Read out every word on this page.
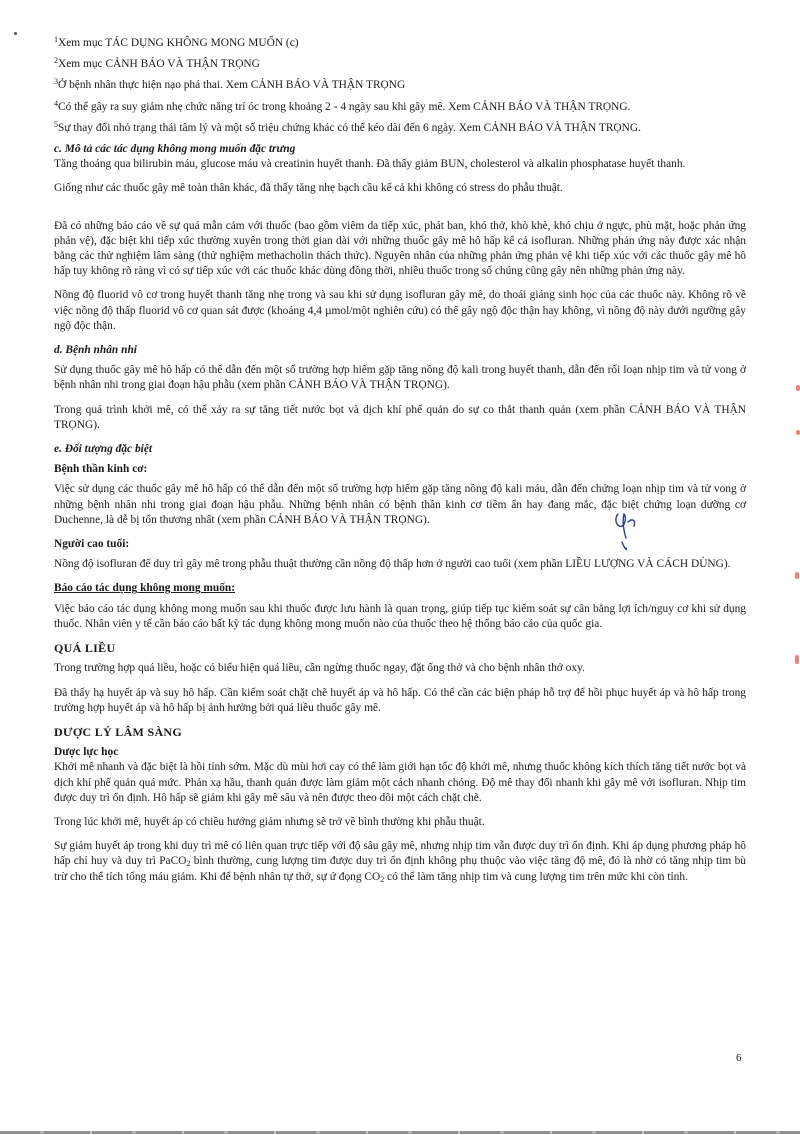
$^1$Xem mục TÁC DỤNG KHÔNG MONG MUỐN (c)

$^2$Xem mục CẢNH BÁO VÀ THẬN TRỌNG

$^3$Ở bệnh nhân thực hiện nạo phá thai. Xem CẢNH BÁO VÀ THẬN TRỌNG

$^4$Có thể gây ra suy giảm nhẹ chức năng trí óc trong khoảng 2 - 4 ngày sau khi gây mê. Xem CẢNH BÁO VÀ THẬN TRỌNG.

$^5$Sự thay đổi nhỏ trạng thái tâm lý và một số triệu chứng khác có thể kéo dài đến 6 ngày. Xem CẢNH BÁO VÀ THẬN TRỌNG.

c. Mô tả các tác dụng không mong muốn đặc trưng

Tăng thoáng qua bilirubin máu, glucose máu và creatinin huyết thanh. Đã thấy giảm BUN, cholesterol và alkalin phosphatase huyết thanh.

Giống như các thuốc gây mê toàn thân khác, đã thấy tăng nhẹ bạch cầu kể cả khi không có stress do phẫu thuật.

Đã có những báo cáo về sự quá mẫn cảm với thuốc (bao gồm viêm da tiếp xúc, phát ban, khó thở, khò khè, khó chịu ở ngực, phù mặt, hoặc phản ứng phản vệ), đặc biệt khi tiếp xúc thường xuyên trong thời gian dài với những thuốc gây mê hô hấp kể cả isofluran. Những phản ứng này được xác nhận bằng các thử nghiệm lâm sàng (thử nghiệm methacholin thách thức). Nguyên nhân của những phản ứng phản vệ khi tiếp xúc với các thuốc gây mê hô hấp tuy không rõ ràng vì có sự tiếp xúc với các thuốc khác dùng đồng thời, nhiều thuốc trong số chúng cũng gây nên những phản ứng này.

Nồng độ fluorid vô cơ trong huyết thanh tăng nhẹ trong và sau khi sử dụng isofluran gây mê, do thoái giáng sinh học của các thuốc này. Không rõ về việc nồng độ thấp fluorid vô cơ quan sát được (khoảng 4,4 µmol/một nghiên cứu) có thể gây ngộ độc thận hay không, vì nồng độ này dưới ngưỡng gây ngộ độc thận.

d. Bệnh nhân nhi

Sử dụng thuốc gây mê hô hấp có thể dẫn đến một số trường hợp hiếm gặp tăng nồng độ kali trong huyết thanh, dẫn đến rối loạn nhịp tim và tử vong ở bệnh nhân nhi trong giai đoạn hậu phẫu (xem phần CẢNH BÁO VÀ THẬN TRỌNG).

Trong quá trình khởi mê, có thể xảy ra sự tăng tiết nước bọt và dịch khí phế quản do sự co thắt thanh quản (xem phần CẢNH BÁO VÀ THẬN TRỌNG).

e. Đối tượng đặc biệt

Bệnh thần kinh cơ:

Việc sử dụng các thuốc gây mê hô hấp có thể dẫn đến một số trường hợp hiếm gặp tăng nồng độ kali máu, dẫn đến chứng loạn nhịp tim và tử vong ở những bệnh nhân nhi trong giai đoạn hậu phẫu. Những bệnh nhân có bệnh thần kinh cơ tiềm ẩn hay đang mắc, đặc biệt chứng loạn dưỡng cơ Duchenne, là dễ bị tổn thương nhất (xem phần CẢNH BÁO VÀ THẬN TRỌNG).

Người cao tuổi:

Nồng độ isofluran để duy trì gây mê trong phẫu thuật thường cần nồng độ thấp hơn ở người cao tuổi (xem phần LIỀU LƯỢNG VÀ CÁCH DÙNG).

Báo cáo tác dụng không mong muốn:

Việc báo cáo tác dụng không mong muốn sau khi thuốc được lưu hành là quan trọng, giúp tiếp tục kiểm soát sự cân bằng lợi ích/nguy cơ khi sử dụng thuốc. Nhân viên y tế cần báo cáo bất kỳ tác dụng không mong muốn nào của thuốc theo hệ thống báo cáo của quốc gia.

QUÁ LIỀU

Trong trường hợp quá liều, hoặc có biểu hiện quá liều, cần ngừng thuốc ngay, đặt ống thở và cho bệnh nhân thở oxy.

Đã thấy hạ huyết áp và suy hô hấp. Cần kiểm soát chặt chẽ huyết áp và hô hấp. Có thể cần các biện pháp hỗ trợ để hồi phục huyết áp và hô hấp trong trường hợp huyết áp và hô hấp bị ảnh hưởng bởi quá liều thuốc gây mê.

DƯỢC LÝ LÂM SÀNG

Dược lực học

Khởi mê nhanh và đặc biệt là hồi tỉnh sớm. Mặc dù mùi hơi cay có thể làm giới hạn tốc độ khởi mê, nhưng thuốc không kích thích tăng tiết nước bọt và dịch khí phế quản quá mức. Phản xạ hầu, thanh quản được làm giảm một cách nhanh chóng. Độ mê thay đổi nhanh khi gây mê với isofluran. Nhịp tim được duy trì ổn định. Hô hấp sẽ giảm khi gây mê sâu và nên được theo dõi một cách chặt chẽ.

Trong lúc khởi mê, huyết áp có chiều hướng giảm nhưng sẽ trở về bình thường khi phẫu thuật.

Sự giảm huyết áp trong khi duy trì mê có liên quan trực tiếp với độ sâu gây mê, nhưng nhịp tim vẫn được duy trì ổn định. Khi áp dụng phương pháp hô hấp chỉ huy và duy trì PaCO$_2$ bình thường, cung lượng tim được duy trì ổn định không phụ thuộc vào việc tăng độ mê, đó là nhờ có tăng nhịp tim bù trừ cho thể tích tống máu giảm. Khi để bệnh nhân tự thở, sự ứ đọng $CO_2$ có thể làm tăng nhịp tim và cung lượng tim trên mức khi còn tỉnh.

6
